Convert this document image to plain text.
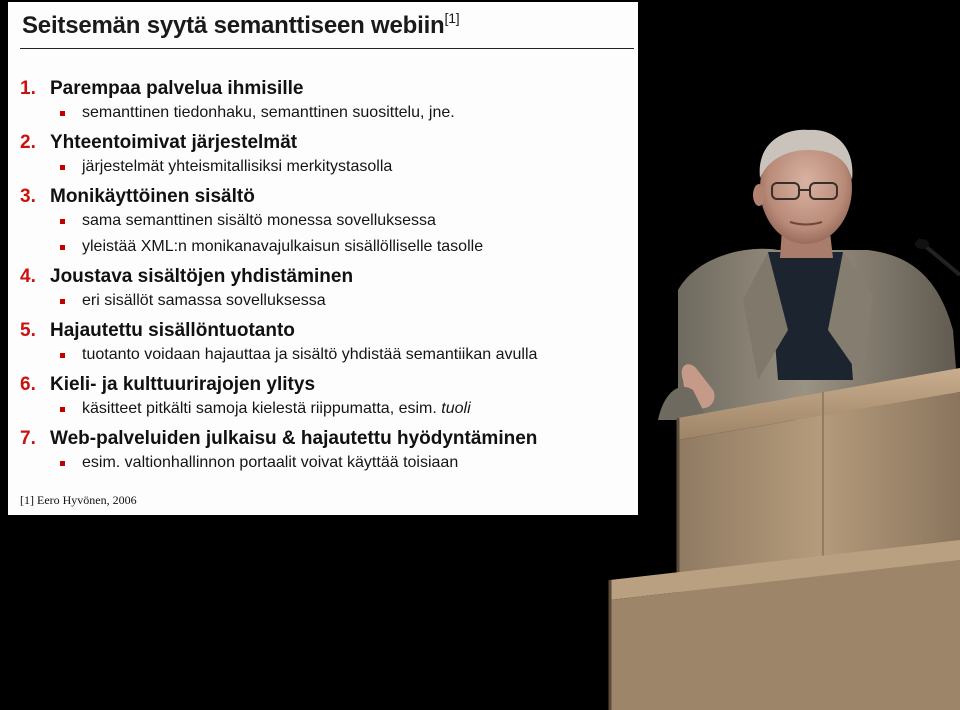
Seitsemän syytä semanttiseen webiin[1]
1. Parempaa palvelua ihmisille
semanttinen tiedonhaku, semanttinen suosittelu, jne.
2. Yhteentoimivat järjestelmät
järjestelmät yhteismitallisiksi merkitystasolla
3. Monikäyttöinen sisältö
sama semanttinen sisältö monessa sovelluksessa
yleistää XML:n monikanavajulkaisun sisällölliselle tasolle
4. Joustava sisältöjen yhdistäminen
eri sisällöt samassa sovelluksessa
5. Hajautettu sisällöntuotanto
tuotanto voidaan hajauttaa ja sisältö yhdistää semantiikan avulla
6. Kieli- ja kulttuurirajojen ylitys
käsitteet pitkälti samoja kielestä riippumatta, esim. tuoli
7. Web-palveluiden julkaisu & hajautettu hyödyntäminen
esim. valtionhallinnon portaalit voivat käyttää toisiaan
[1] Eero Hyvönen, 2006
